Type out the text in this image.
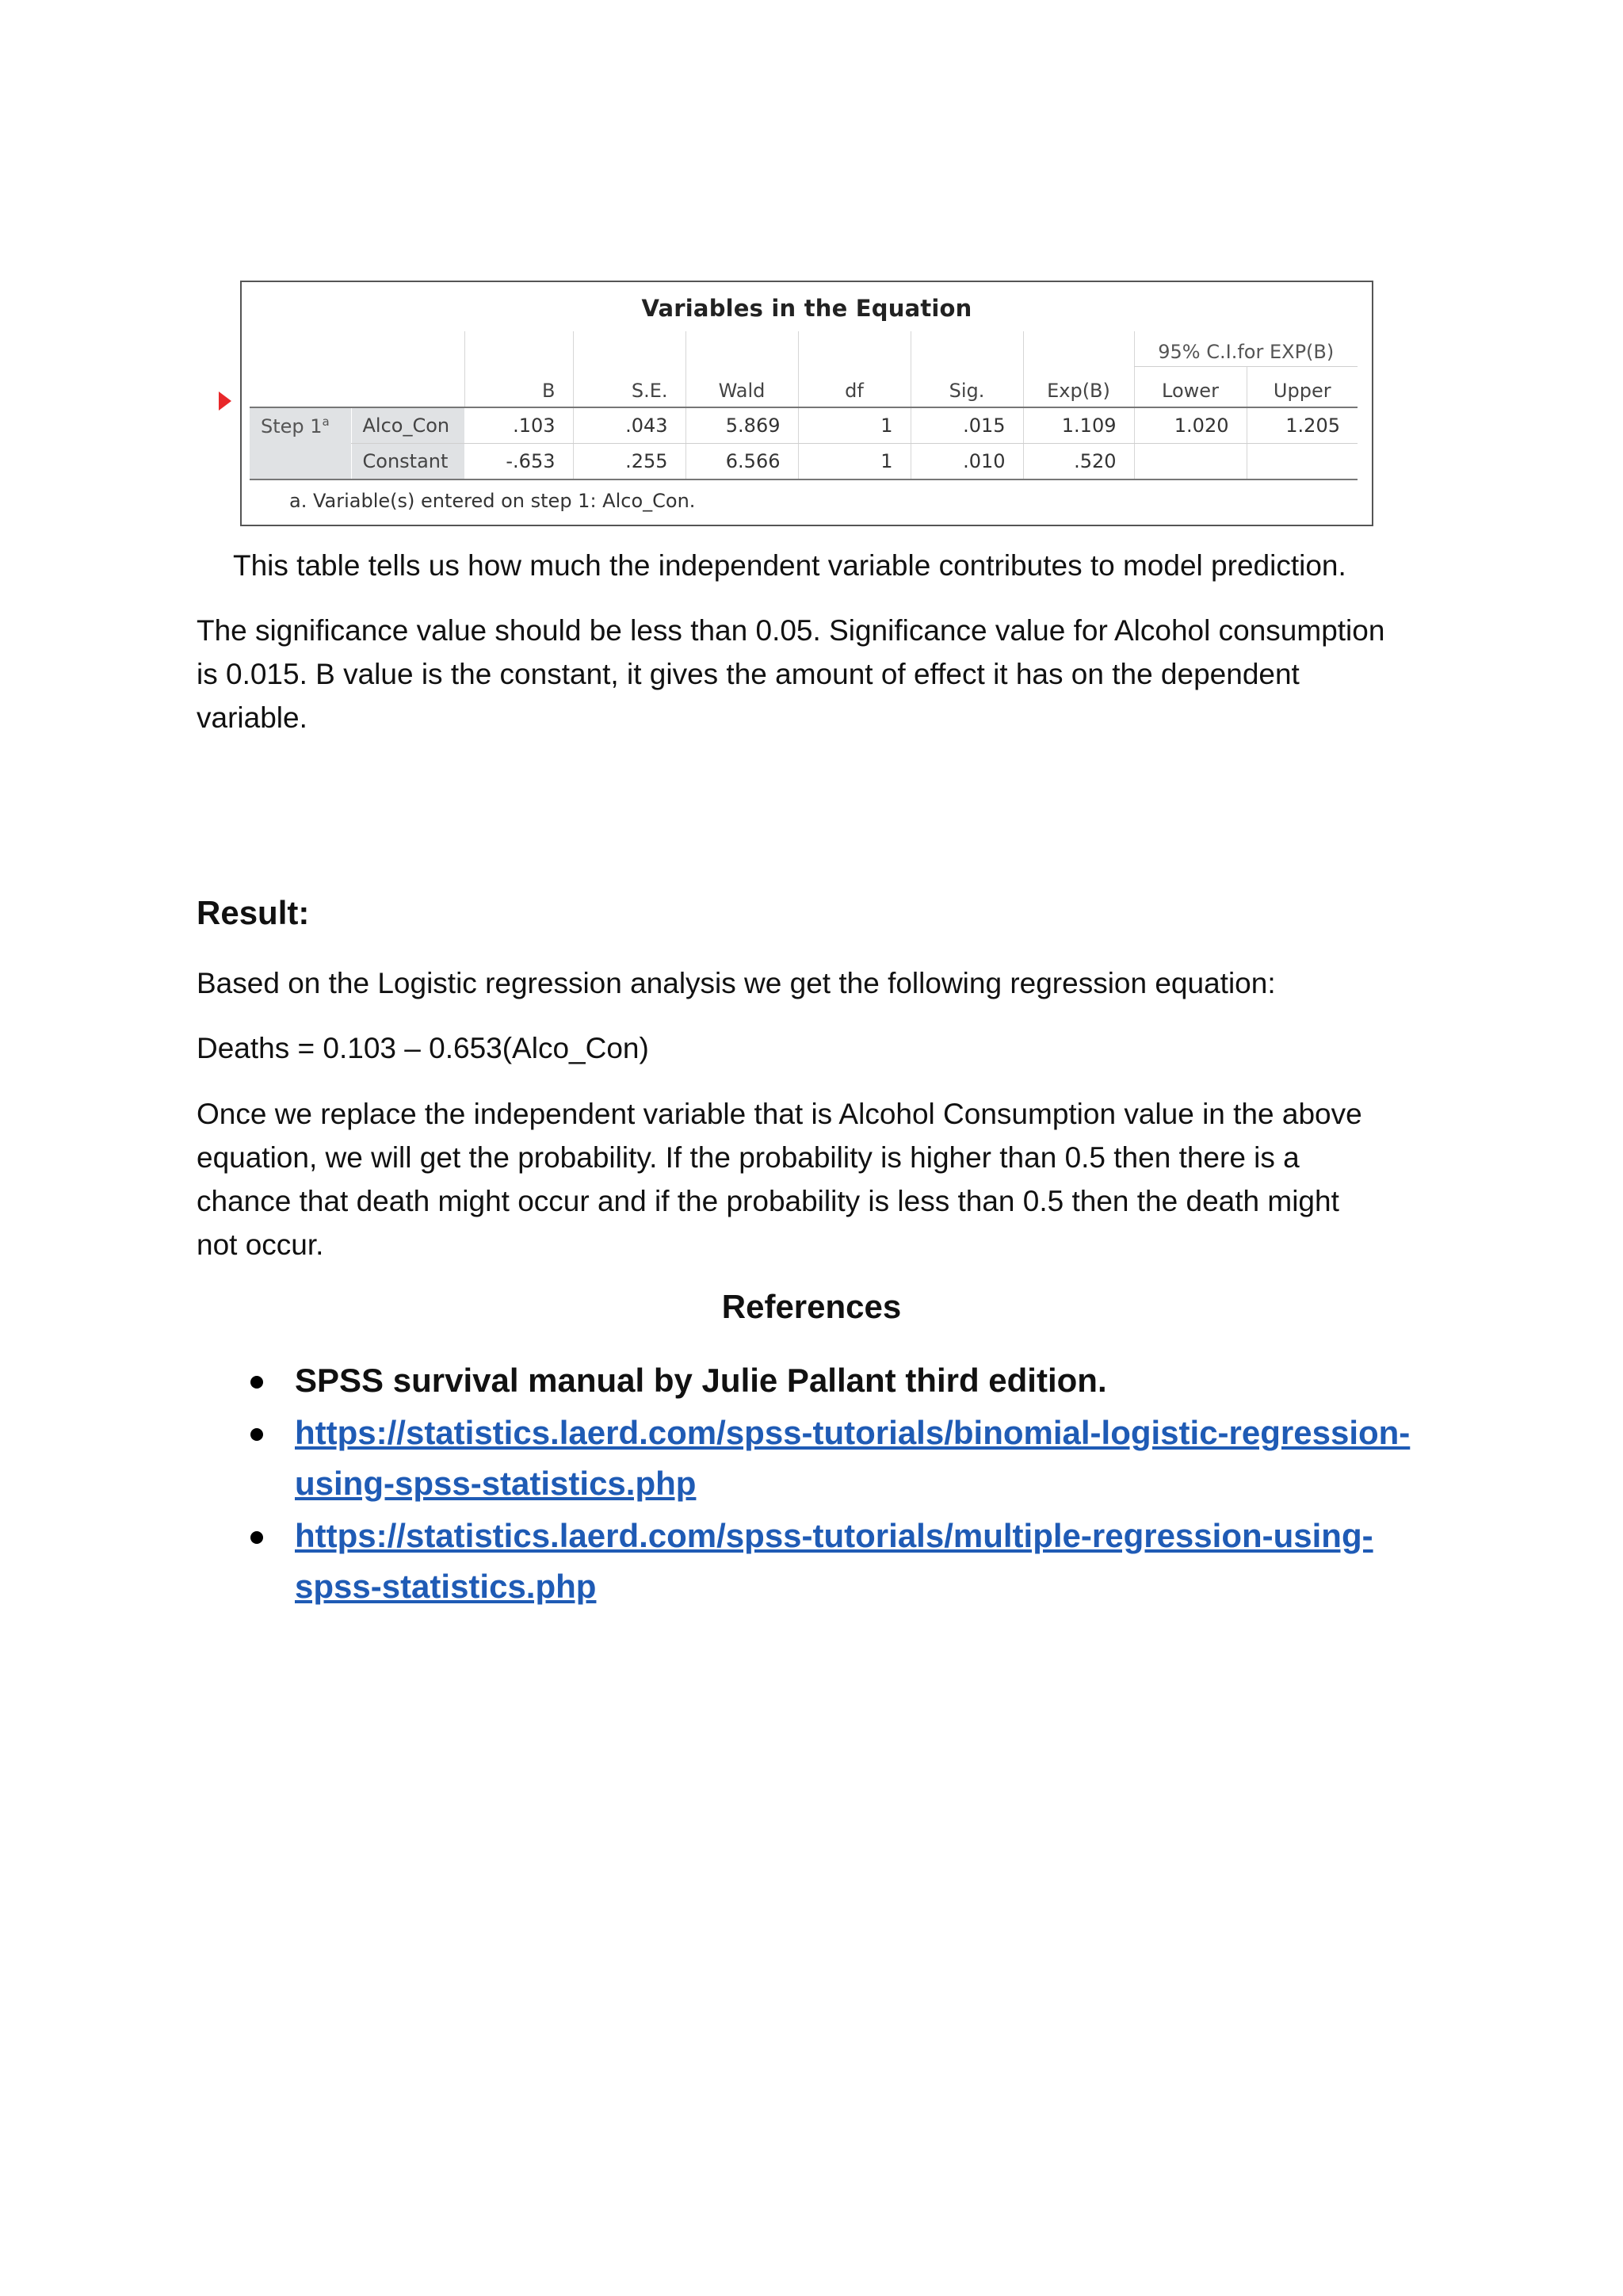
Variables in the Equation
								95% C.I.for EXP(B)	
		B	S.E.	Wald	df	Sig.	Exp(B)	Lower	Upper
Step 1$^a$	Alco_Con	.103	.043	5.869	1	.015	1.109	1.020	1.205
	Constant	-.653	.255	6.566	1	.010	.520		
a. Variable(s) entered on step 1: Alco_Con.
This table tells us how much the independent variable contributes to model prediction.
The significance value should be less than 0.05. Significance value for Alcohol consumption
is 0.015. B value is the constant, it gives the amount of effect it has on the dependent
variable.
Result:
Based on the Logistic regression analysis we get the following regression equation:
Deaths = 0.103 – 0.653(Alco_Con)
Once we replace the independent variable that is Alcohol Consumption value in the above
equation, we will get the probability. If the probability is higher than 0.5 then there is a
chance that death might occur and if the probability is less than 0.5 then the death might
not occur.
References
SPSS survival manual by Julie Pallant third edition.
https://statistics.laerd.com/spss-tutorials/binomial-logistic-regression-
using-spss-statistics.php
https://statistics.laerd.com/spss-tutorials/multiple-regression-using-
spss-statistics.php
